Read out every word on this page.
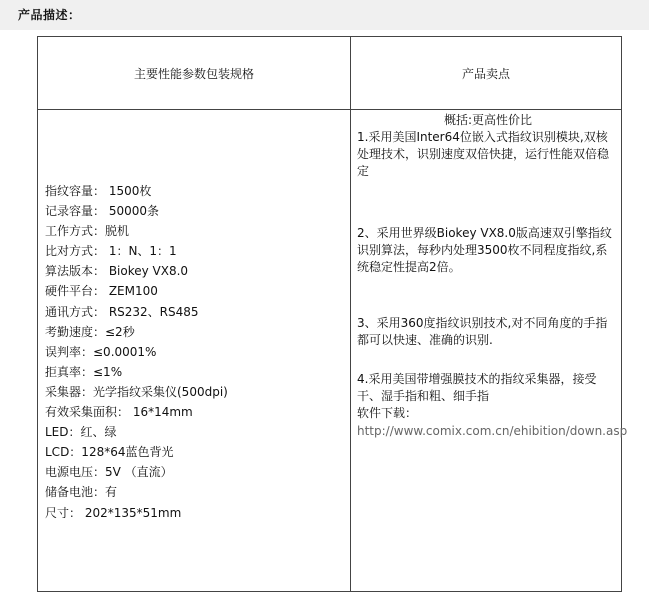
产品描述：
主要性能参数包装规格	产品卖点
指纹容量： 1500枚
记录容量： 50000条
工作方式：脱机
比对方式： 1：N、1：1
算法版本： Biokey VX8.0
硬件平台： ZEM100
通讯方式： RS232、RS485
考勤速度：≤2秒
误判率：≤0.0001%
拒真率：≤1%
采集器：光学指纹采集仪(500dpi)
有效采集面积： 16*14mm
LED：红、绿
LCD：128*64蓝色背光
电源电压：5V （直流）
储备电池：有
尺寸： 202*135*51mm
概括:更高性价比

1.采用美国Inter64位嵌入式指纹识别模块,双核处理技术，识别速度双倍快捷，运行性能双倍稳定

2、采用世界级Biokey VX8.0版高速双引擎指纹识别算法，每秒内处理3500枚不同程度指纹,系统稳定性提高2倍。

3、采用360度指纹识别技术,对不同角度的手指都可以快速、准确的识别.

4.采用美国带增强膜技术的指纹采集器，接受干、湿手指和粗、细手指

软件下载：
http://www.comix.com.cn/ehibition/down.asp
